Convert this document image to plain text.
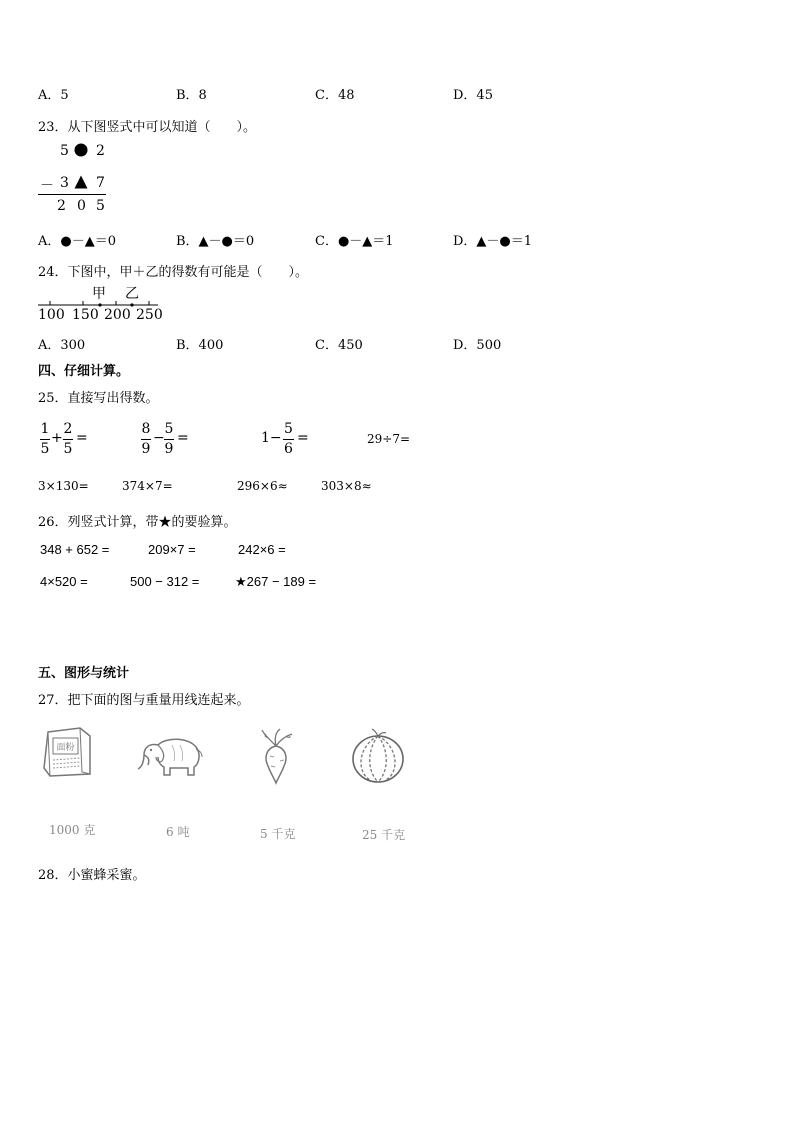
A．5	B．8	C．48	D．45
23．从下图竖式中可以知道（　　）。
5 2
－ 3 7
2 0 5
A．●－▲＝0	B．▲－●＝0	C．●－▲＝1	D．▲－●＝1
24．下图中，甲＋乙的得数有可能是（　　）。
甲 乙
100 150 200 250
A．300	B．400	C．450	D．500
四、仔细计算。
25．直接写出得数。
1
5
+
2
5
=
8
9
−
5
9
=	1−
5
6
=	29÷7=
3×130=	374×7=	296×6≈	303×8≈
26．列竖式计算，带★的要验算。
348 + 652 =	209×7 =	242×6 =
4×520 =	500 − 312 =	★267 − 189 =
五、图形与统计
27．把下面的图与重量用线连起来。
面粉
1000 克	6 吨	5 千克	25 千克
28．小蜜蜂采蜜。
